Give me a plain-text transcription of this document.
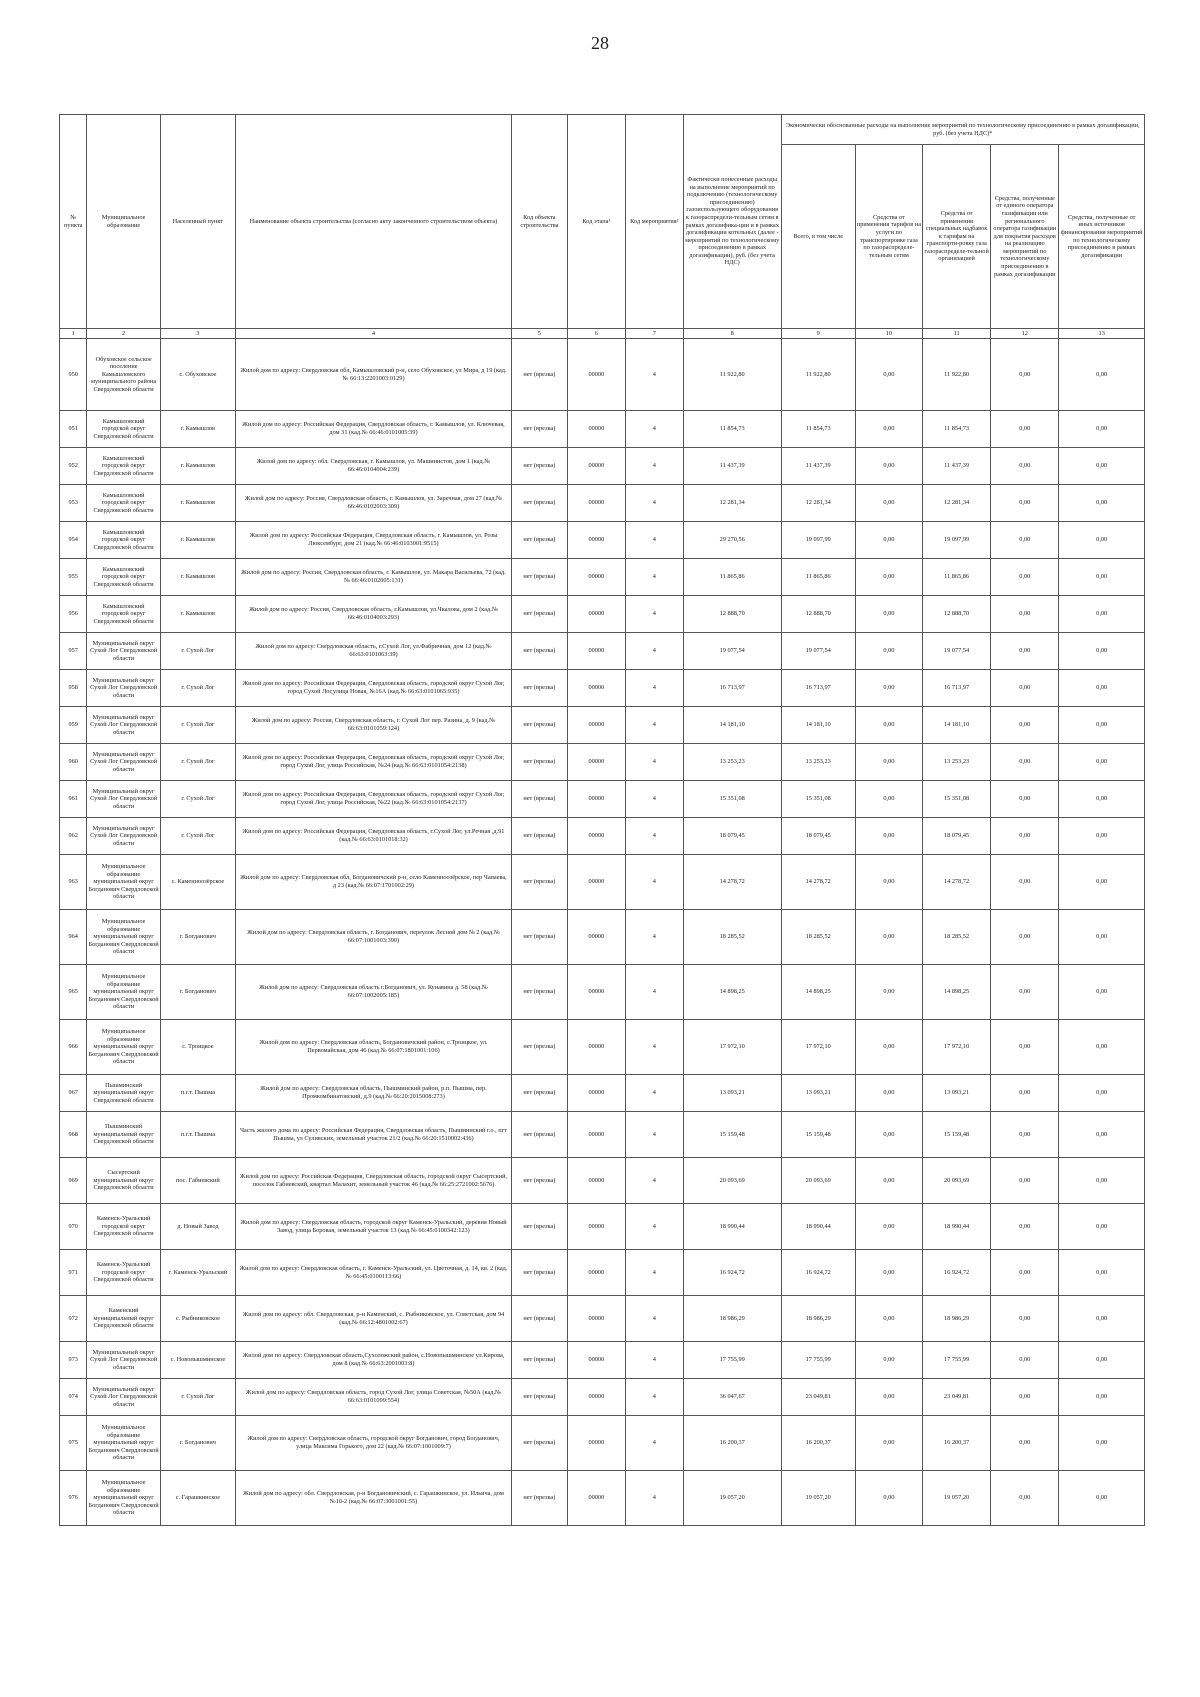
28
№ пункта	Муниципальное образование	Населенный пункт	Наименование объекта строительства (согласно акту законченного строительством объекта)	Код объекта строительства	Код этапа¹	Код мероприятия²	Фактически понесенные расходы на выполнение мероприятий по подключению (технологическому присоединению) газоиспользующего оборудования к газораспредели-тельным сетям в рамках догазифика-ции и в рамках догазификации котельных (далее - мероприятий по технологическому присоединению в рамках догазификации), руб. (без учета НДС)	Экономически обоснованные расходы на выполнение мероприятий по технологическому присоединению в рамках догазификации, руб. (без учета НДС)*				
								Всего, в том числе	Средства от применения тарифов на услуги по транспортировке газа по газораспределе-тельным сетям	Средства от применения специальных надбавок к тарифам на транспорти-ровку газа газораспределе-тельной организацией	Средства, полученные от единого оператора газификации или регионального оператора газификации для покрытия расходов на реализацию мероприятий по технологическому присоединению в рамках догазификации	Средства, полученные от иных источников финансирования мероприятий по технологическому присоединению в рамках догазификации
1	2	3	4	5	6	7	8	9	10	11	12	13
950	Обуховское сельское поселение Камышловского муниципального района Свердловской области	с. Обуховское	Жилой дом по адресу: Свердловская обл, Камышловский р-н, село Обуховское, ул Мира, д 19 (кад.№ 66:13:2201003:0129)	нет (врезка)	00000	4	11 922,80	11 922,80	0,00	11 922,80	0,00	0,00
951	Камышловский городской округ Свердловской области	г. Камышлов	Жилой дом по адресу: Российская Федерация, Свердловская область, г. Камышлов, ул. Ключевая, дом 31 (кад.№ 66:46:0101005:39)	нет (врезка)	00000	4	11 854,73	11 854,73	0,00	11 854,73	0,00	0,00
952	Камышловский городской округ Свердловской области	г. Камышлов	Жилой дом по адресу: обл. Свердловская, г. Камышлов, ул. Машинистов, дом 1 (кад.№ 66:46:0104004:239)	нет (врезка)	00000	4	11 437,39	11 437,39	0,00	11 437,39	0,00	0,00
953	Камышловский городской округ Свердловской области	г. Камышлов	Жилой дом по адресу: Россия, Свердловская область, г. Камышлов, ул. Заречная, дом 27 (кад.№ 66:46:0102003:309)	нет (врезка)	00000	4	12 281,34	12 281,34	0,00	12 281,34	0,00	0,00
954	Камышловский городской округ Свердловской области	г. Камышлов	Жилой дом по адресу: Российская Федерация, Свердловская область, г. Камышлов, ул. Розы Люксембург, дом 21 (кад.№ 66:46:0103001:9515)	нет (врезка)	00000	4	29 270,56	19 097,99	0,00	19 097,99	0,00	0,00
955	Камышловский городской округ Свердловской области	г. Камышлов	Жилой дом по адресу: Россия, Свердловская область, г. Камышлов, ул. Макара Васильева, 72 (кад.№ 66:46:0102005:131)	нет (врезка)	00000	4	11 865,86	11 865,86	0,00	11 865,86	0,00	0,00
956	Камышловский городской округ Свердловской области	г. Камышлов	Жилой дом по адресу: Россия, Свердловская область, г.Камышлов, ул.Чкалова, дом 2 (кад.№ 66:46:0104003:293)	нет (врезка)	00000	4	12 888,70	12 888,70	0,00	12 888,70	0,00	0,00
957	Муниципальный округ Сухой Лог Свердловской области	г. Сухой Лог	Жилой дом по адресу: Свердловская область, г.Сухой Лог, ул.Фабричная, дом 12 (кад.№ 66:63:0101063:39)	нет (врезка)	00000	4	19 077,54	19 077,54	0,00	19 077,54	0,00	0,00
958	Муниципальный округ Сухой Лог Свердловской области	г. Сухой Лог	Жилой дом по адресу: Российская Федерация, Свердловская область, городской округ Сухой Лог, город Сухой Лог,улица Новая, №16А (кад.№ 66:63:0101065:935)	нет (врезка)	00000	4	16 713,97	16 713,97	0,00	16 713,97	0,00	0,00
959	Муниципальный округ Сухой Лог Свердловской области	г. Сухой Лог	Жилой дом по адресу: Россия, Свердловская область, г. Сухой Лог пер. Разина, д. 9 (кад.№ 66:63:0101059:124)	нет (врезка)	00000	4	14 181,10	14 181,10	0,00	14 181,10	0,00	0,00
960	Муниципальный округ Сухой Лог Свердловской области	г. Сухой Лог	Жилой дом по адресу: Российская Федерация, Свердловская область, городской округ Сухой Лог, город Сухой Лог, улица Российская, №24 (кад.№ 66:63:0101054:2138)	нет (врезка)	00000	4	13 253,23	13 253,23	0,00	13 253,23	0,00	0,00
961	Муниципальный округ Сухой Лог Свердловской области	г. Сухой Лог	Жилой дом по адресу: Российская Федерация, Свердловская область, городской округ Сухой Лог, город Сухой Лог, улица Российская, №22 (кад.№ 66:63:0101054:2137)	нет (врезка)	00000	4	15 351,08	15 351,08	0,00	15 351,08	0,00	0,00
962	Муниципальный округ Сухой Лог Свердловской области	г. Сухой Лог	Жилой дом по адресу: Российская Федерация, Свердловская область, г.Сухой Лог, ул.Речная ,д.91 (кад.№ 66:63:0101018:32)	нет (врезка)	00000	4	18 079,45	18 079,45	0,00	18 079,45	0,00	0,00
963	Муниципальное образование муниципальный округ Богданович Свердловской области	с. Каменноозёрское	Жилой дом по адресу: Свердловская обл, Богдановичский р-н, село Каменноозёрское, пер Чапаева, д 23 (кад.№ 66:07:1701002:29)	нет (врезка)	00000	4	14 278,72	14 278,72	0,00	14 278,72	0,00	0,00
964	Муниципальное образование муниципальный округ Богданович Свердловской области	г. Богданович	Жилой дом по адресу: Свердловская область, г. Богданович, переулок Лесной дом № 2 (кад.№ 66:07:1001003:390)	нет (врезка)	00000	4	18 285,52	18 285,52	0,00	18 285,52	0,00	0,00
965	Муниципальное образование муниципальный округ Богданович Свердловской области	г. Богданович	Жилой дом по адресу: Свердловская область г.Богданович, ул. Кунавина д. 58 (кад.№ 66:07:1002005:185)	нет (врезка)	00000	4	14 898,25	14 898,25	0,00	14 898,25	0,00	0,00
966	Муниципальное образование муниципальный округ Богданович Свердловской области	с. Троицкое	Жилой дом по адресу: Свердловская область, Богдановичский район, с.Троицкое, ул. Первомайская, дом 46 (кад.№ 66:07:1801001:106)	нет (врезка)	00000	4	17 972,10	17 972,10	0,00	17 972,10	0,00	0,00
967	Пышминский муниципальный округ Свердловской области	п.г.т. Пышма	Жилой дом по адресу: Свердловская область, Пышминский район, р.п. Пышма, пер. Промкомбинатовский, д.9 (кад.№ 66:20:2015008:273)	нет (врезка)	00000	4	13 093,21	13 093,21	0,00	13 093,21	0,00	0,00
968	Пышминский муниципальный округ Свердловской области	п.г.т. Пышма	Часть жилого дома по адресу: Российская Федерация, Свердловская область, Пышминский г.о., пгт Пышма, ул Суливских, земельный участок 21/2 (кад.№ 66:20:1510002:436)	нет (врезка)	00000	4	15 159,48	15 159,48	0,00	15 159,48	0,00	0,00
969	Сысертский муниципальный округ Свердловской области	пос. Габиевский	Жилой дом по адресу: Российская Федерация, Свердловская область, городской округ Сысертский, поселок Габиевский, квартал Малахит, земельный участок 46 (кад.№ 66:25:2721002:5676)	нет (врезка)	00000	4	20 093,69	20 093,69	0,00	20 093,69	0,00	0,00
970	Каменск-Уральский городской округ Свердловской области	д. Новый Завод	Жилой дом по адресу: Свердловская область, городской округ Каменск-Уральский, деревня Новый Завод, улица Боровая, земельный участок 13 (кад.№ 66:45:0100342:123)	нет (врезка)	00000	4	18 990,44	18 990,44	0,00	18 990,44	0,00	0,00
971	Каменск-Уральский городской округ Свердловской области	г. Каменск-Уральский	Жилой дом по адресу: Свердловская область, г. Каменск-Уральский, ул. Цветочная, д. 14, кв. 2 (кад.№ 66:45:0100113:66)	нет (врезка)	00000	4	16 924,72	16 924,72	0,00	16 924,72	0,00	0,00
972	Каменский муниципальный округ Свердловской области	с. Рыбниковское	Жилой дом по адресу: обл. Свердловская, р-н Каменский, с. Рыбниковское, ул. Советская, дом 94 (кад.№ 66:12:4801002:67)	нет (врезка)	00000	4	18 986,29	18 986,29	0,00	18 986,29	0,00	0,00
973	Муниципальный округ Сухой Лог Свердловской области	с. Новопышминское	Жилой дом по адресу: Свердловская область,Сухоложский район, с.Новопышминское ул.Кирова, дом 8 (кад.№ 66:63:2001003:8)	нет (врезка)	00000	4	17 755,99	17 755,99	0,00	17 755,99	0,00	0,00
974	Муниципальный округ Сухой Лог Свердловской области	г. Сухой Лог	Жилой дом по адресу: Свердловская область, город Сухой Лог, улица Советская, №50А (кад.№ 66:63:0101099:554)	нет (врезка)	00000	4	36 047,67	23 049,81	0,00	23 049,81	0,00	0,00
975	Муниципальное образование муниципальный округ Богданович Свердловской области	г. Богданович	Жилой дом по адресу: Свердловская область, городской округ Богданович, город Богданович, улица Максима Горького, дом 22 (кад.№ 66:07:1001009:7)	нет (врезка)	00000	4	16 200,37	16 200,37	0,00	16 200,37	0,00	0,00
976	Муниципальное образование муниципальный округ Богданович Свердловской области	с. Гарашкинское	Жилой дом по адресу: обл. Свердловская, р-н Богдановичский, с. Гарашкинское, ул. Ильича, дом №10-2 (кад.№ 66:07:3001001:55)	нет (врезка)	00000	4	19 057,20	19 057,20	0,00	19 057,20	0,00	0,00
